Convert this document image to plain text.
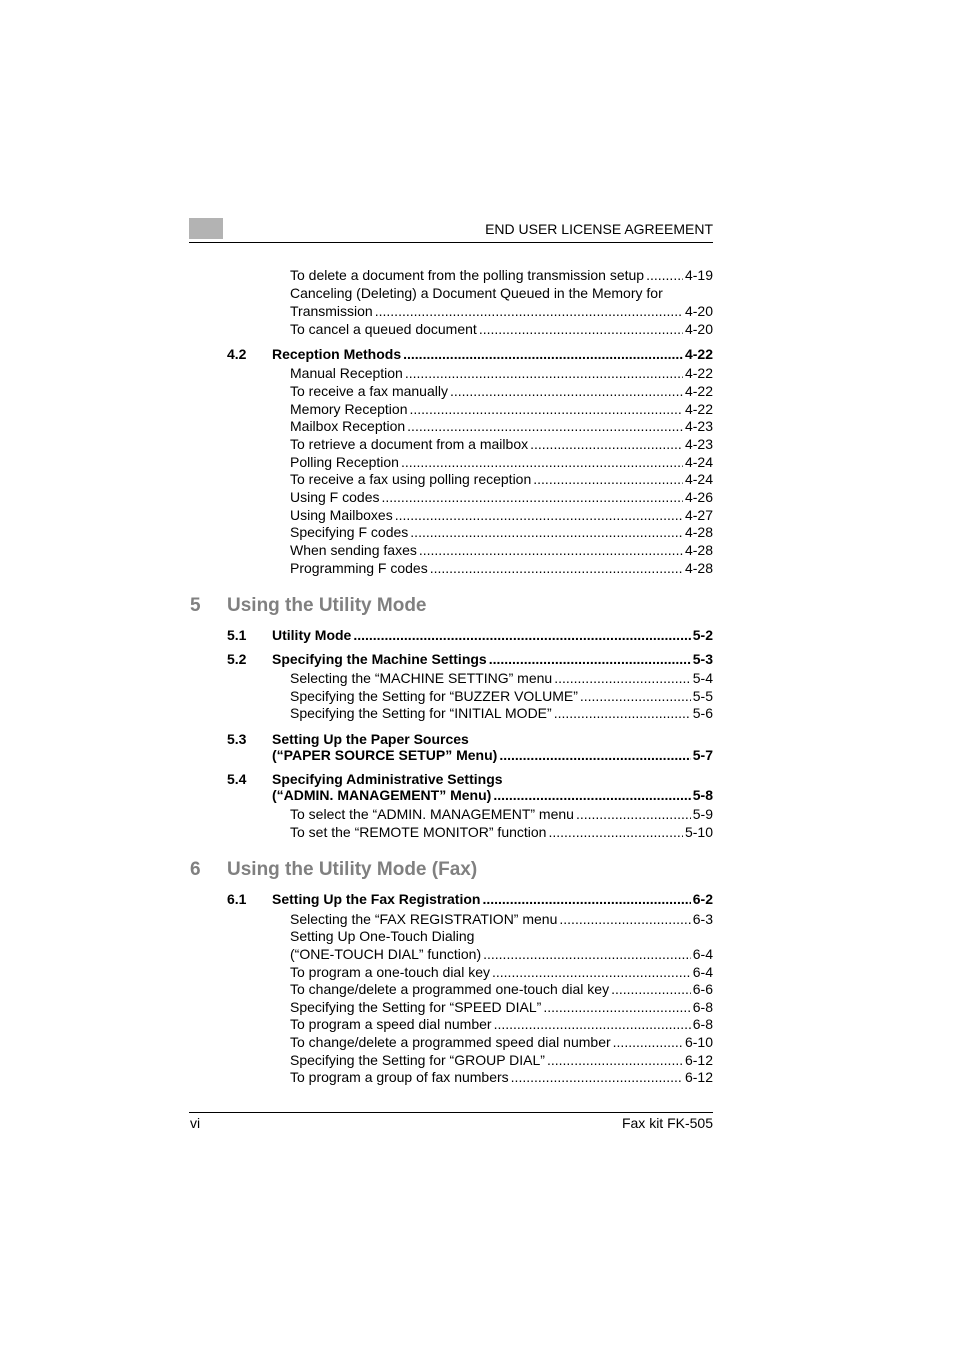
END USER LICENSE AGREEMENT
To delete a document from the polling transmission setup .....	4-19
Canceling (Deleting) a Document Queued in the Memory for
Transmission .....	4-20
To cancel a queued document .....	4-20
4.2 Reception Methods .....	4-22
Manual Reception .....	4-22
To receive a fax manually .....	4-22
Memory Reception .....	4-22
Mailbox Reception .....	4-23
To retrieve a document from a mailbox .....	4-23
Polling Reception .....	4-24
To receive a fax using polling reception .....	4-24
Using F codes .....	4-26
Using Mailboxes .....	4-27
Specifying F codes .....	4-28
When sending faxes .....	4-28
Programming F codes .....	4-28
5 Using the Utility Mode
5.1 Utility Mode .....	5-2
5.2 Specifying the Machine Settings .....	5-3
Selecting the “MACHINE SETTING” menu .....	5-4
Specifying the Setting for “BUZZER VOLUME” .....	5-5
Specifying the Setting for “INITIAL MODE” .....	5-6
5.3 Setting Up the Paper Sources
(“PAPER SOURCE SETUP” Menu) .....	5-7
5.4 Specifying Administrative Settings
(“ADMIN. MANAGEMENT” Menu) .....	5-8
To select the “ADMIN. MANAGEMENT” menu .....	5-9
To set the “REMOTE MONITOR” function .....	5-10
6 Using the Utility Mode (Fax)
6.1 Setting Up the Fax Registration .....	6-2
Selecting the “FAX REGISTRATION” menu .....	6-3
Setting Up One-Touch Dialing
(“ONE-TOUCH DIAL” function) .....	6-4
To program a one-touch dial key .....	6-4
To change/delete a programmed one-touch dial key .....	6-6
Specifying the Setting for “SPEED DIAL” .....	6-8
To program a speed dial number .....	6-8
To change/delete a programmed speed dial number .....	6-10
Specifying the Setting for “GROUP DIAL” .....	6-12
To program a group of fax numbers .....	6-12
vi	Fax kit FK-505
